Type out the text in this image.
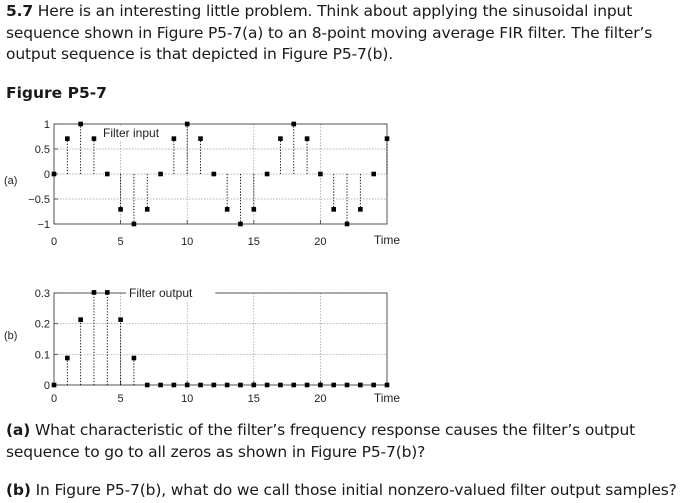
5.7 Here is an interesting little problem. Think about applying the sinusoidal input sequence shown in Figure P5-7(a) to an 8-point moving average FIR filter. The filter’s output sequence is that depicted in Figure P5-7(b).
Figure P5-7
1
0.5
0
−0.5
−1
0	5	10	15	20	Time
(a)
Filter input
0.3
0.2
0.1
0
0	5	10	15	20	Time
(b)
Filter output
(a) What characteristic of the filter’s frequency response causes the filter’s output sequence to go to all zeros as shown in Figure P5-7(b)?
(b) In Figure P5-7(b), what do we call those initial nonzero-valued filter output samples?
